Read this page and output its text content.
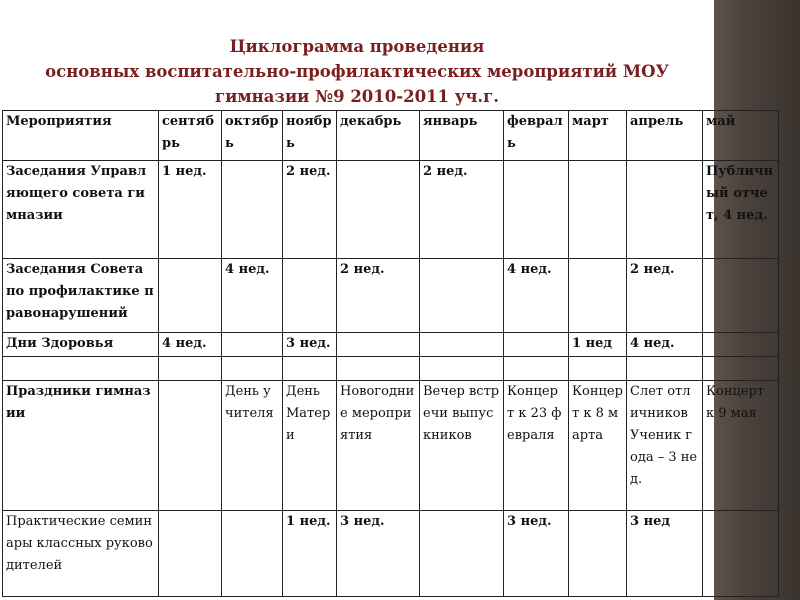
Циклограмма проведения
основных воспитательно-профилактических мероприятий МОУ
гимназии №9 2010-2011 уч.г.
Мероприятия	сентябрь	октябрь	ноябрь	декабрь	январь	февраль	март	апрель	май
Заседания Управляющего совета гимназии	1 нед.		2 нед.		2 нед.				Публичный отчет, 4 нед.
Заседания Совета по профилактике правонарушений		4 нед.		2 нед.		4 нед.		2 нед.	
Дни Здоровья	4 нед.		3 нед.				1 нед	4 нед.	

Праздники гимназии		День учителя	День Матери	Новогодние мероприятия	Вечер встречи выпускников	Концерт к 23 февраля	Концерт к 8 марта	Слет отличников Ученик года – 3 нед.	Концерт к 9 мая
Практические семинары классных руководителей			1 нед.	3 нед.		3 нед.		3 нед	
